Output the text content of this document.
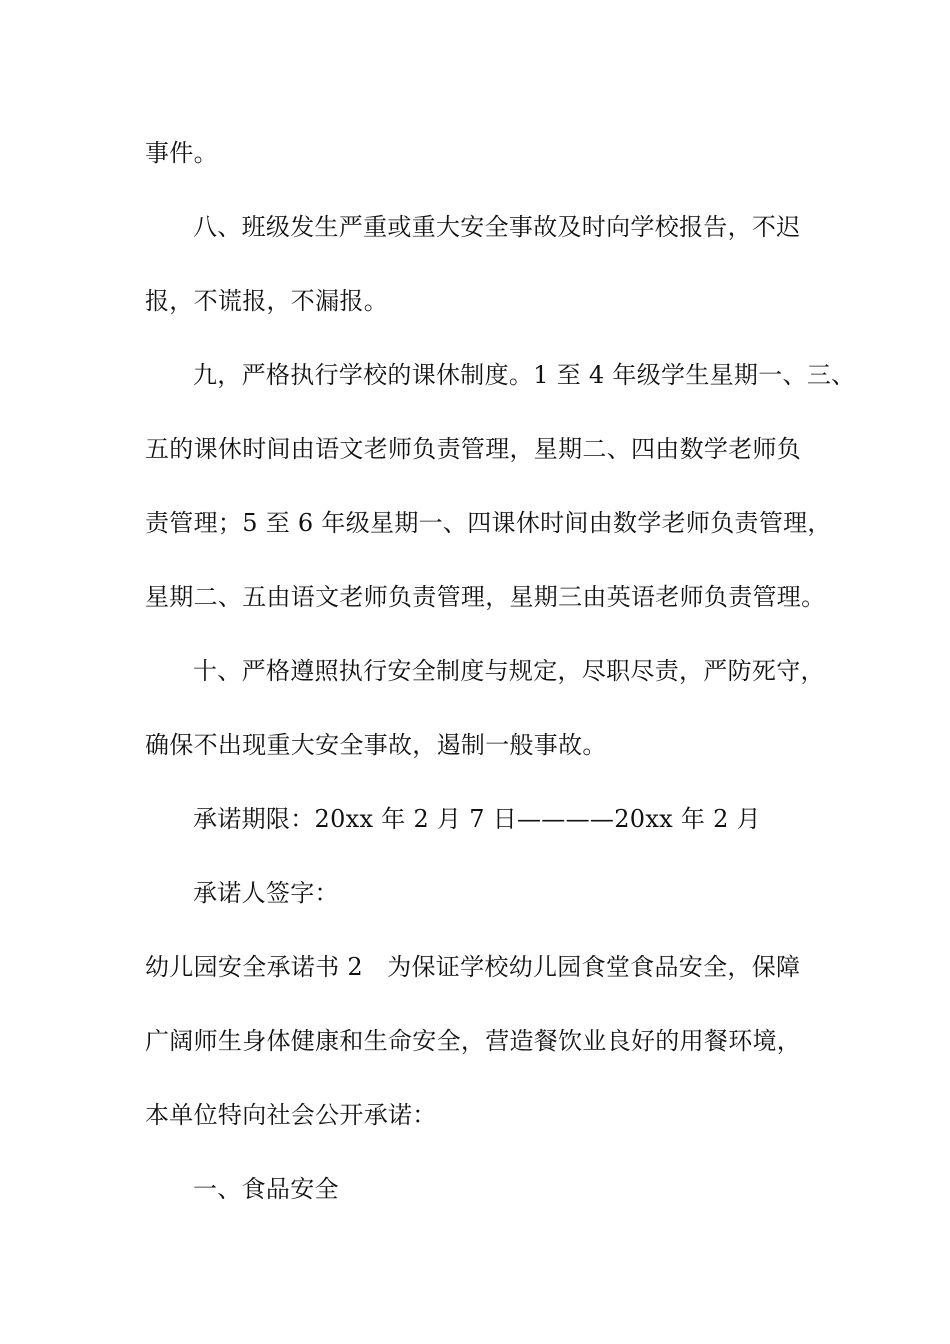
事件。
八、班级发生严重或重大安全事故及时向学校报告，不迟
报，不谎报，不漏报。
九，严格执行学校的课休制度。1 至 4 年级学生星期一、三、
五的课休时间由语文老师负责管理，星期二、四由数学老师负
责管理；5 至 6 年级星期一、四课休时间由数学老师负责管理，
星期二、五由语文老师负责管理，星期三由英语老师负责管理。
十、严格遵照执行安全制度与规定，尽职尽责，严防死守，
确保不出现重大安全事故，遏制一般事故。
承诺期限：20xx 年 2 月 7 日————20xx 年 2 月
承诺人签字：
幼儿园安全承诺书 2　为保证学校幼儿园食堂食品安全，保障
广阔师生身体健康和生命安全，营造餐饮业良好的用餐环境，
本单位特向社会公开承诺：
一、食品安全
